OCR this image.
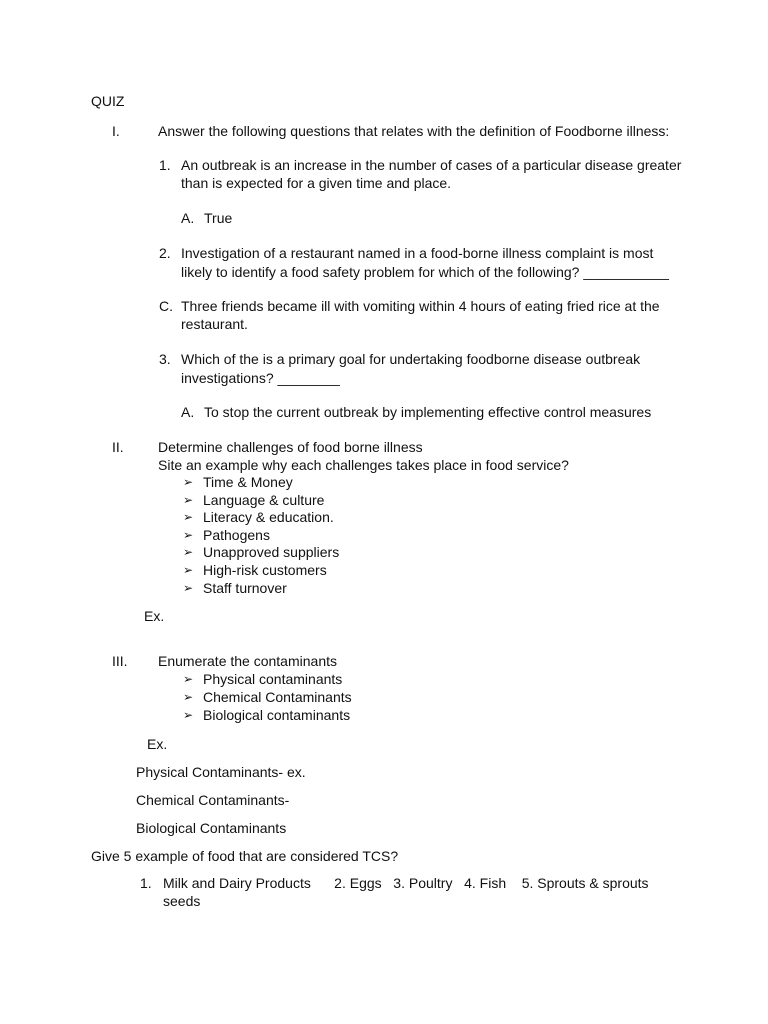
QUIZ
I.	Answer the following questions that relates with the definition of Foodborne illness:
1. An outbreak is an increase in the number of cases of a particular disease greater
than is expected for a given time and place.
A. True
2. Investigation of a restaurant named in a food-borne illness complaint is most
likely to identify a food safety problem for which of the following? ___________
C. Three friends became ill with vomiting within 4 hours of eating fried rice at the
restaurant.
3. Which of the is a primary goal for undertaking foodborne disease outbreak
investigations? ________
A. To stop the current outbreak by implementing effective control measures
II. Determine challenges of food borne illness
Site an example why each challenges takes place in food service?
➢ Time & Money
➢ Language & culture
➢ Literacy & education.
➢ Pathogens
➢ Unapproved suppliers
➢ High-risk customers
➢ Staff turnover
Ex.
III. Enumerate the contaminants
➢ Physical contaminants
➢ Chemical Contaminants
➢ Biological contaminants
Ex.
Physical Contaminants- ex.
Chemical Contaminants-
Biological Contaminants
Give 5 example of food that are considered TCS?
1. Milk and Dairy Products      2. Eggs   3. Poultry   4. Fish    5. Sprouts & sprouts
seeds
